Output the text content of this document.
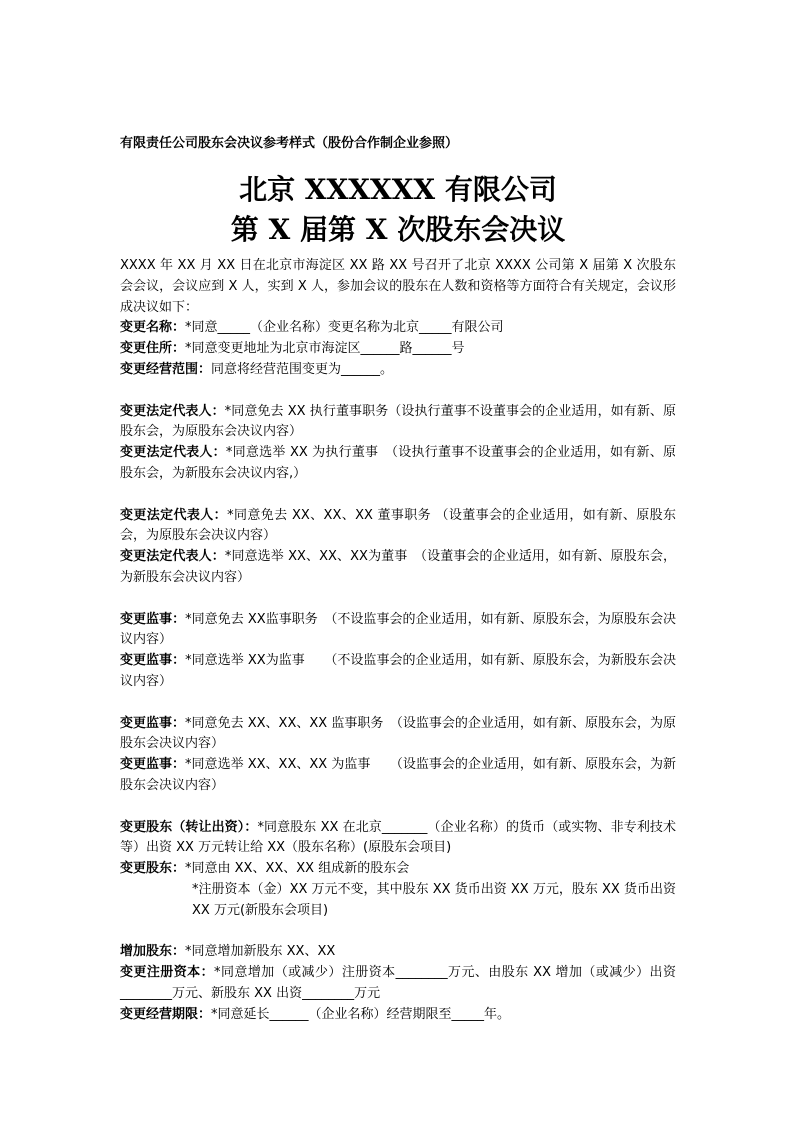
有限责任公司股东会决议参考样式（股份合作制企业参照）
北京 XXXXXX 有限公司
第 X 届第 X 次股东会决议

XXXX 年 XX 月 XX 日在北京市海淀区 XX 路 XX 号召开了北京 XXXX 公司第 X 届第 X 次股东会会议，会议应到 X 人，实到 X 人，参加会议的股东在人数和资格等方面符合有关规定，会议形成决议如下：

变更名称：*同意_____（企业名称）变更名称为北京_____有限公司

变更住所：*同意变更地址为北京市海淀区______路______号

变更经营范围：同意将经营范围变更为______。

变更法定代表人：*同意免去 XX 执行董事职务（设执行董事不设董事会的企业适用，如有新、原股东会，为原股东会决议内容）

变更法定代表人：*同意选举 XX 为执行董事　（设执行董事不设董事会的企业适用，如有新、原股东会，为新股东会决议内容,）

变更法定代表人：*同意免去 XX、XX、XX 董事职务 （设董事会的企业适用，如有新、原股东会，为原股东会决议内容）

变更法定代表人：*同意选举 XX、XX、XX为董事　（设董事会的企业适用，如有新、原股东会，为新股东会决议内容）

变更监事：*同意免去 XX监事职务　（不设监事会的企业适用，如有新、原股东会，为原股东会决议内容）

变更监事：*同意选举 XX为监事　　（不设监事会的企业适用，如有新、原股东会，为新股东会决议内容）

变更监事：*同意免去 XX、XX、XX 监事职务　（设监事会的企业适用，如有新、原股东会，为原股东会决议内容）

变更监事：*同意选举 XX、XX、XX 为监事　　（设监事会的企业适用，如有新、原股东会，为新股东会决议内容）

变更股东（转让出资）：*同意股东 XX 在北京_______（企业名称）的货币（或实物、非专利技术等）出资 XX 万元转让给 XX（股东名称）(原股东会项目)

变更股东：*同意由 XX、XX、XX 组成新的股东会

*注册资本（金）XX 万元不变，其中股东 XX 货币出资 XX 万元，股东 XX 货币出资 XX 万元(新股东会项目)

增加股东：*同意增加新股东 XX、XX

变更注册资本：*同意增加（或减少）注册资本________万元、由股东 XX 增加（或减少）出资________万元、新股东 XX 出资________万元

变更经营期限：*同意延长______（企业名称）经营期限至_____年。
